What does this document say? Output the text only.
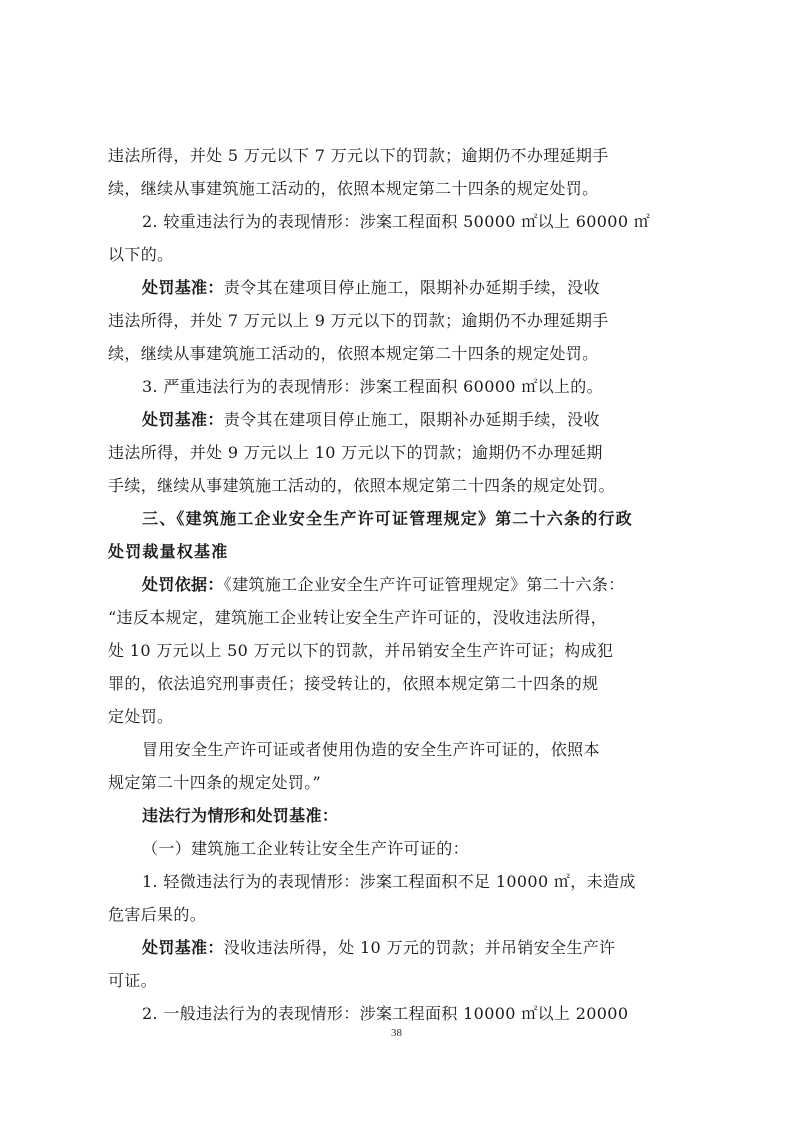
违法所得，并处 5 万元以下 7 万元以下的罚款；逾期仍不办理延期手
续，继续从事建筑施工活动的，依照本规定第二十四条的规定处罚。
2. 较重违法行为的表现情形：涉案工程面积 50000 ㎡以上 60000 ㎡
以下的。
处罚基准：责令其在建项目停止施工，限期补办延期手续，没收
违法所得，并处 7 万元以上 9 万元以下的罚款；逾期仍不办理延期手
续，继续从事建筑施工活动的，依照本规定第二十四条的规定处罚。
3. 严重违法行为的表现情形：涉案工程面积 60000 ㎡以上的。
处罚基准：责令其在建项目停止施工，限期补办延期手续，没收
违法所得，并处 9 万元以上 10 万元以下的罚款；逾期仍不办理延期
手续，继续从事建筑施工活动的，依照本规定第二十四条的规定处罚。
三、《建筑施工企业安全生产许可证管理规定》第二十六条的行政
处罚裁量权基准
处罚依据：《建筑施工企业安全生产许可证管理规定》第二十六条：
“违反本规定，建筑施工企业转让安全生产许可证的，没收违法所得，
处 10 万元以上 50 万元以下的罚款，并吊销安全生产许可证；构成犯
罪的，依法追究刑事责任；接受转让的，依照本规定第二十四条的规
定处罚。
冒用安全生产许可证或者使用伪造的安全生产许可证的，依照本
规定第二十四条的规定处罚。”
违法行为情形和处罚基准：
（一）建筑施工企业转让安全生产许可证的：
1. 轻微违法行为的表现情形：涉案工程面积不足 10000 ㎡，未造成
危害后果的。
处罚基准：没收违法所得，处 10 万元的罚款；并吊销安全生产许
可证。
2. 一般违法行为的表现情形：涉案工程面积 10000 ㎡以上 20000
38
